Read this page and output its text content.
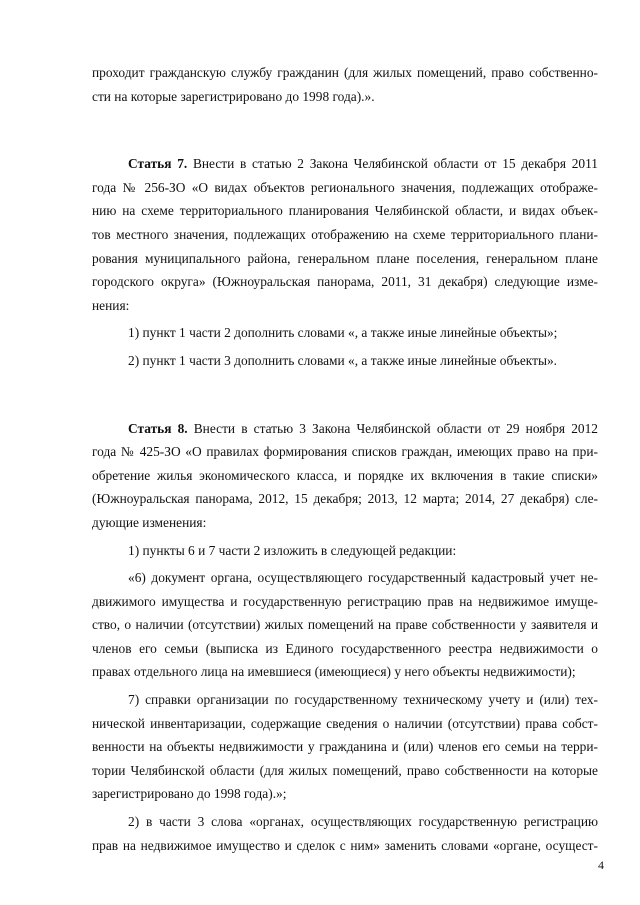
проходит гражданскую службу гражданин (для жилых помещений, право собственно-

сти на которые зарегистрировано до 1998 года).».

Статья 7. Внести в статью 2 Закона Челябинской области от 15 декабря 2011

года № 256-ЗО «О видах объектов регионального значения, подлежащих отображе-

нию на схеме территориального планирования Челябинской области, и видах объек-

тов местного значения, подлежащих отображению на схеме территориального плани-

рования муниципального района, генеральном плане поселения, генеральном плане

городского округа» (Южноуральская панорама, 2011, 31 декабря) следующие изме-

нения:

1) пункт 1 части 2 дополнить словами «, а также иные линейные объекты»;

2) пункт 1 части 3 дополнить словами «, а также иные линейные объекты».

Статья 8. Внести в статью 3 Закона Челябинской области от 29 ноября 2012

года № 425-ЗО «О правилах формирования списков граждан, имеющих право на при-

обретение жилья экономического класса, и порядке их включения в такие списки»

(Южноуральская панорама, 2012, 15 декабря; 2013, 12 марта; 2014, 27 декабря) сле-

дующие изменения:

1) пункты 6 и 7 части 2 изложить в следующей редакции:

«6) документ органа, осуществляющего государственный кадастровый учет не-

движимого имущества и государственную регистрацию прав на недвижимое имуще-

ство, о наличии (отсутствии) жилых помещений на праве собственности у заявителя и

членов его семьи (выписка из Единого государственного реестра недвижимости о

правах отдельного лица на имевшиеся (имеющиеся) у него объекты недвижимости);

7) справки организации по государственному техническому учету и (или) тех-

нической инвентаризации, содержащие сведения о наличии (отсутствии) права собст-

венности на объекты недвижимости у гражданина и (или) членов его семьи на терри-

тории Челябинской области (для жилых помещений, право собственности на которые

зарегистрировано до 1998 года).»;

2) в части 3 слова «органах, осуществляющих государственную регистрацию

прав на недвижимое имущество и сделок с ним» заменить словами «органе, осущест-

4
